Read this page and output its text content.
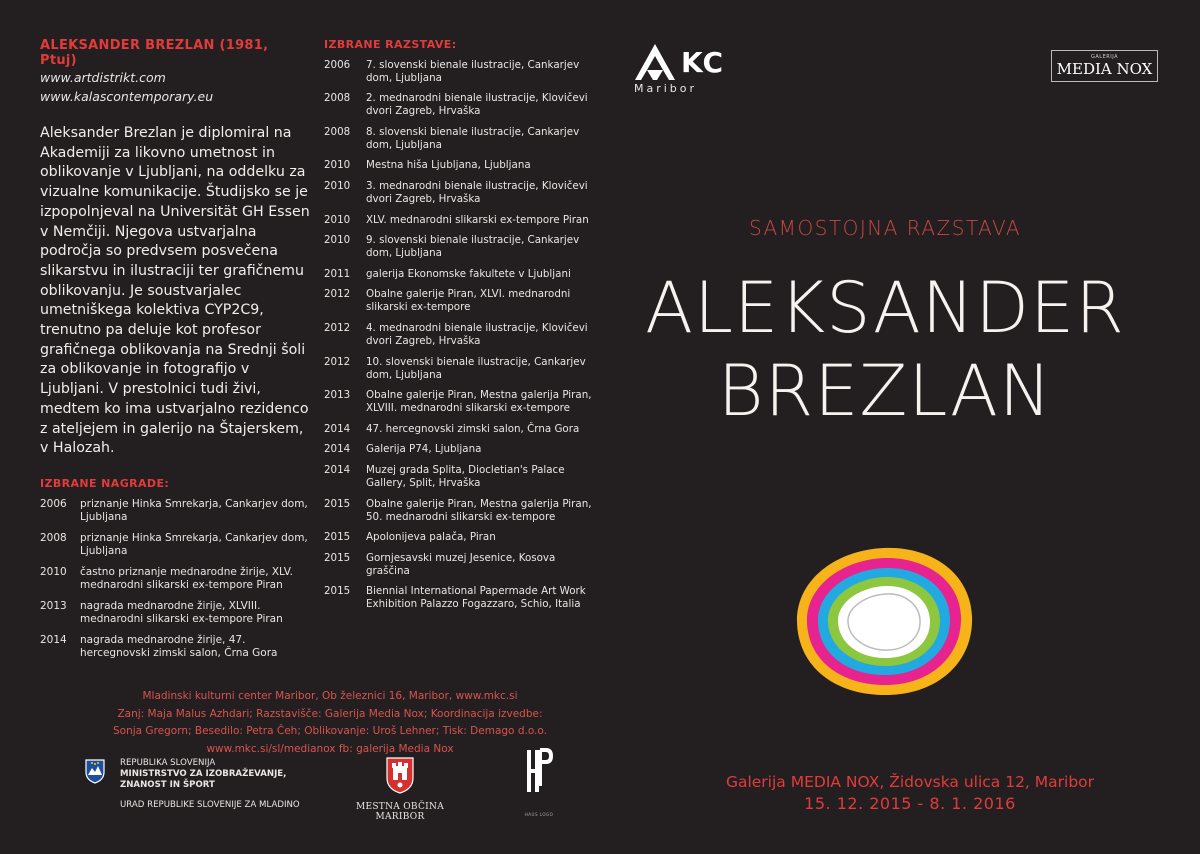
ALEKSANDER BREZLAN (1981, Ptuj)
www.artdistrikt.com
www.kalascontemporary.eu
Aleksander Brezlan je diplomiral na Akademiji za likovno umetnost in oblikovanje v Ljubljani, na oddelku za vizualne komunikacije. Študijsko se je izpopolnjeval na Universität GH Essen v Nemčiji. Njegova ustvarjalna področja so predvsem posvečena slikarstvu in ilustraciji ter grafičnemu oblikovanju. Je soustvarjalec umetniškega kolektiva CYP2C9, trenutno pa deluje kot profesor grafičnega oblikovanja na Srednji šoli za oblikovanje in fotografijo v Ljubljani. V prestolnici tudi živi, medtem ko ima ustvarjalno rezidenco z ateljejem in galerijo na Štajerskem, v Halozah.
IZBRANE NAGRADE:
2006	priznanje Hinka Smrekarja, Cankarjev dom, Ljubljana
2008	priznanje Hinka Smrekarja, Cankarjev dom, Ljubljana
2010	častno priznanje mednarodne žirije, XLV. mednarodni slikarski ex-tempore Piran
2013	nagrada mednarodne žirije, XLVIII. mednarodni slikarski ex-tempore Piran
2014	nagrada mednarodne žirije, 47. hercegnovski zimski salon, Črna Gora
IZBRANE RAZSTAVE:
2006	7. slovenski bienale ilustracije, Cankarjev dom, Ljubljana
2008	2. mednarodni bienale ilustracije, Klovičevi dvori Zagreb, Hrvaška
2008	8. slovenski bienale ilustracije, Cankarjev dom, Ljubljana
2010	Mestna hiša Ljubljana, Ljubljana
2010	3. mednarodni bienale ilustracije, Klovičevi dvori Zagreb, Hrvaška
2010	XLV. mednarodni slikarski ex-tempore Piran
2010	9. slovenski bienale ilustracije, Cankarjev dom, Ljubljana
2011	galerija Ekonomske fakultete v Ljubljani
2012	Obalne galerije Piran, XLVI. mednarodni slikarski ex-tempore
2012	4. mednarodni bienale ilustracije, Klovičevi dvori Zagreb, Hrvaška
2012	10. slovenski bienale ilustracije, Cankarjev dom, Ljubljana
2013	Obalne galerije Piran, Mestna galerija Piran, XLVIII. mednarodni slikarski ex-tempore
2014	47. hercegnovski zimski salon, Črna Gora
2014	Galerija P74, Ljubljana
2014	Muzej grada Splita, Diocletian's Palace Gallery, Split, Hrvaška
2015	Obalne galerije Piran, Mestna galerija Piran, 50. mednarodni slikarski ex-tempore
2015	Apolonijeva palača, Piran
2015	Gornjesavski muzej Jesenice, Kosova graščina
2015	Biennial International Papermade Art Work Exhibition Palazzo Fogazzaro, Schio, Italia
Mladinski kulturni center Maribor, Ob železnici 16, Maribor, www.mkc.si
Zanj: Maja Malus Azhdari; Razstavišče: Galerija Media Nox; Koordinacija izvedbe:
Sonja Gregorn; Besedilo: Petra Čeh; Oblikovanje: Uroš Lehner; Tisk: Demago d.o.o.
www.mkc.si/sl/medianox fb: galerija Media Nox
REPUBLIKA SLOVENIJA
MINISTRSTVO ZA IZOBRAŽEVANJE,
ZNANOST IN ŠPORT
URAD REPUBLIKE SLOVENIJE ZA MLADINO	MESTNA OBČINA MARIBOR	HAUS LOGO
KC
Maribor
GALERIJA
MEDIA NOX
SAMOSTOJNA RAZSTAVA
ALEKSANDER
BREZLAN
Galerija MEDIA NOX, Židovska ulica 12, Maribor
15. 12. 2015 - 8. 1. 2016
